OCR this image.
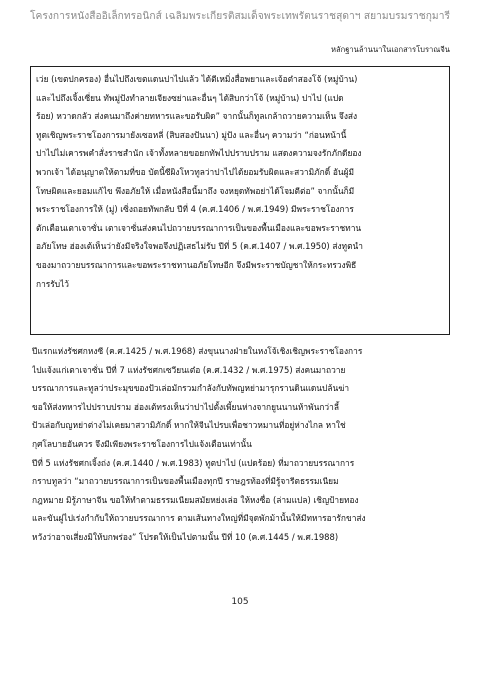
โครงการหนังสืออิเล็กทรอนิกส์ เฉลิมพระเกียรติสมเด็จพระเทพรัตนราชสุดาฯ สยามบรมราชกุมารี
หลักฐานล้านนาในเอกสารโบราณจีน
เว่ย (เขตปกครอง) อื่นไปถึงเขตแดนปาไปแล้ว ได้ตีเหมิ่งสื่อพยาและเจ้อต๋าสองโจ้ (หมู่บ้าน)
และไปถึงเจิ้งเซี่ยน ทัพมู่ปังทำลายเจียงซย่าและอื่นๆ ได้สิบกว่าโจ้ (หมู่บ้าน) ปาไป (แปด
ร้อย) หวาดกลัว ส่งคนมาถึงค่ายทหารและขอรับผิด” จากนั้นก็ทูลเกล้าถวายความเห็น จึงส่ง
ทูตเชิญพระราชโองการมายังเซอหลี่ (สิบสองปันนา) มู่ปัง และอื่นๆ ความว่า “ก่อนหน้านี้
ปาไปไม่เคารพคำสั่งราชสำนัก เจ้าทั้งหลายขอยกทัพไปปราบปราม แสดงความจงรักภักดียอง
พวกเจ้า ได้อนุญาตให้ตามที่ขอ บัดนี้ซีผิงโหวทูลว่าปาไปได้ยอมรับผิดและสวามิภักดิ์ อันผู้มี
โทษผิดและยอมแก้ไข พึงอภัยให้ เมื่อหนังสือนี้มาถึง จงหยุดทัพอย่าได้โจมตีต่อ” จากนั้นก็มี
พระราชโองการให้ (มู่) เซิ่งถอยทัพกลับ ปีที่ 4 (ค.ศ.1406 / พ.ศ.1949) มีพระราชโองการ
ตักเตือนเตาเจาซั่น เตาเจาซั่นส่งคนไปถวายบรรณาการเป็นของพื้นเมืองและขอพระราชทาน
อภัยโทษ ฮ่องเต้เห็นว่ายังมีจริงใจพอจึงปฏิเสธไม่รับ ปีที่ 5 (ค.ศ.1407 / พ.ศ.1950) ส่งทูตนำ
ของมาถวายบรรณาการและขอพระราชทานอภัยโทษอีก จึงมีพระราชบัญชาให้กระทรวงพิธี
การรับไว้
ปีแรกแห่งรัชศกหงซี (ค.ศ.1425 / พ.ศ.1968) ส่งขุนนางฝ่ายในหงโจ้เชิงเชิญพระราชโองการ
ไปแจ้งแก่เตาเจาซั่น ปีที่ 7 แห่งรัชศกเซวียนเต๋อ (ค.ศ.1432 / พ.ศ.1975) ส่งคนมาถวาย
บรรณาการและทูลว่าประมุขของปัวเล่อมักรวมกำลังกับทัพญหย่ามารุกรานดินแดนปล้นฆ่า
ขอให้ส่งทหารไปปราบปราม ฮ่องเต้ทรงเห็นว่าปาไปตั้งเพี้ยนห่างจากยูนนานห้าพันกว่าลี้
ปัวเล่อกับญหย่าต่างไม่เคยมาสวามิภักดิ์ หากให้จีนไปรบเพื่อชาวหมานที่อยู่ห่างไกล หาใช่
กุศโลบายอันควร จึงมีเพียงพระราชโองการไปแจ้งเตือนเท่านั้น
ปีที่ 5 แห่งรัชศกเจิ้งถ่ง (ค.ศ.1440 / พ.ศ.1983) ทูตปาไป (แปดร้อย) ที่มาถวายบรรณาการ
กราบทูลว่า “มาถวายบรรณาการเป็นของพื้นเมืองทุกปี ราษฎรท้องที่มีรู้จารีตธรรมเนียม
กฎหมาย มิรู้ภาษาจีน ขอให้ทำตามธรรมเนียมสมัยหย่งเล่อ ให้หงซื่อ (ล่ามแปล) เชิญป้ายทอง
และขันฝูไปเร่งกำกับให้ถวายบรรณาการ ตามเส้นทางใหญ่ที่มีจุดพักม้านั้นให้มีทหารอารักขาส่ง
หวังว่าอาจเสี่ยงมิให้บกพร่อง” โปรดให้เป็นไปตามนั้น ปีที่ 10 (ค.ศ.1445 / พ.ศ.1988)
105
